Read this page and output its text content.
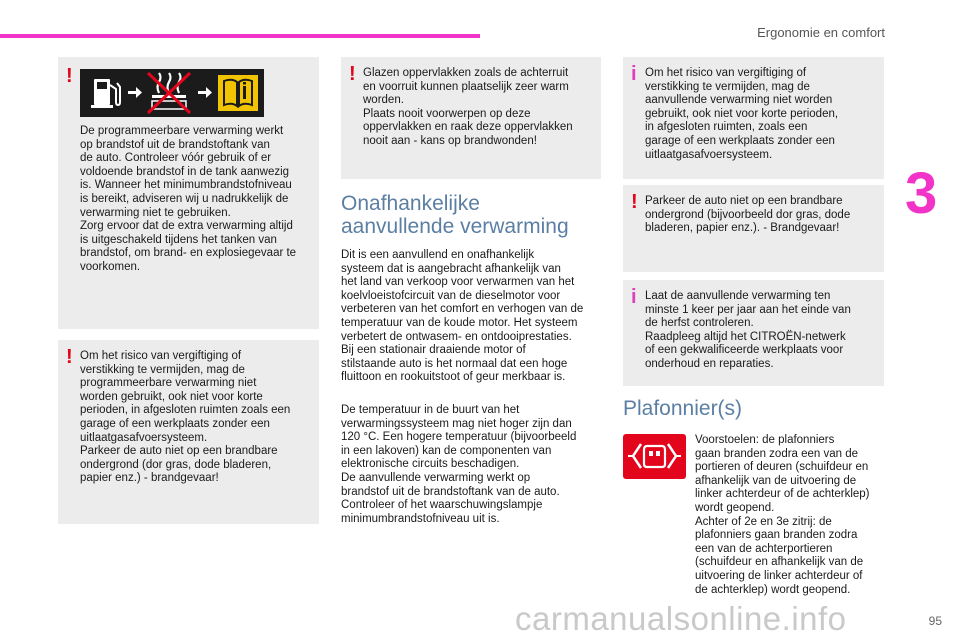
Ergonomie en comfort
3
!

De programmeerbare verwarming werkt
op brandstof uit de brandstoftank van
de auto. Controleer vóór gebruik of er
voldoende brandstof in de tank aanwezig
is. Wanneer het minimumbrandstofniveau
is bereikt, adviseren wij u nadrukkelijk de
verwarming niet te gebruiken.
Zorg ervoor dat de extra verwarming altijd
is uitgeschakeld tijdens het tanken van
brandstof, om brand- en explosiegevaar te
voorkomen.

! Om het risico van vergiftiging of
verstikking te vermijden, mag de
programmeerbare verwarming niet
worden gebruikt, ook niet voor korte
perioden, in afgesloten ruimten zoals een
garage of een werkplaats zonder een
uitlaatgasafvoersysteem.
Parkeer de auto niet op een brandbare
ondergrond (dor gras, dode bladeren,
papier enz.) - brandgevaar!

! Glazen oppervlakken zoals de achterruit
en voorruit kunnen plaatselijk zeer warm
worden.
Plaats nooit voorwerpen op deze
oppervlakken en raak deze oppervlakken
nooit aan - kans op brandwonden!

Onafhankelijke
aanvullende verwarming

Dit is een aanvullend en onafhankelijk
systeem dat is aangebracht afhankelijk van
het land van verkoop voor verwarmen van het
koelvloeistofcircuit van de dieselmotor voor
verbeteren van het comfort en verhogen van de
temperatuur van de koude motor. Het systeem
verbetert de ontwasem- en ontdooiprestaties.
Bij een stationair draaiende motor of
stilstaande auto is het normaal dat een hoge
fluittoon en rookuitstoot of geur merkbaar is.

De temperatuur in de buurt van het
verwarmingssysteem mag niet hoger zijn dan
120 °C. Een hogere temperatuur (bijvoorbeeld
in een lakoven) kan de componenten van
elektronische circuits beschadigen.
De aanvullende verwarming werkt op
brandstof uit de brandstoftank van de auto.
Controleer of het waarschuwingslampje
minimumbrandstofniveau uit is.

i Om het risico van vergiftiging of
verstikking te vermijden, mag de
aanvullende verwarming niet worden
gebruikt, ook niet voor korte perioden,
in afgesloten ruimten, zoals een
garage of een werkplaats zonder een
uitlaatgasafvoersysteem.

! Parkeer de auto niet op een brandbare
ondergrond (bijvoorbeeld dor gras, dode
bladeren, papier enz.). - Brandgevaar!

i Laat de aanvullende verwarming ten
minste 1 keer per jaar aan het einde van
de herfst controleren.
Raadpleeg altijd het CITROËN-netwerk
of een gekwalificeerde werkplaats voor
onderhoud en reparaties.

Plafonnier(s)

Voorstoelen: de plafonniers
gaan branden zodra een van de
portieren of deuren (schuifdeur en
afhankelijk van de uitvoering de
linker achterdeur of de achterklep)
wordt geopend.
Achter of 2e en 3e zitrij: de
plafonniers gaan branden zodra
een van de achterportieren
(schuifdeur en afhankelijk van de
uitvoering de linker achterdeur of
de achterklep) wordt geopend.

carmanualsonline.info	95
